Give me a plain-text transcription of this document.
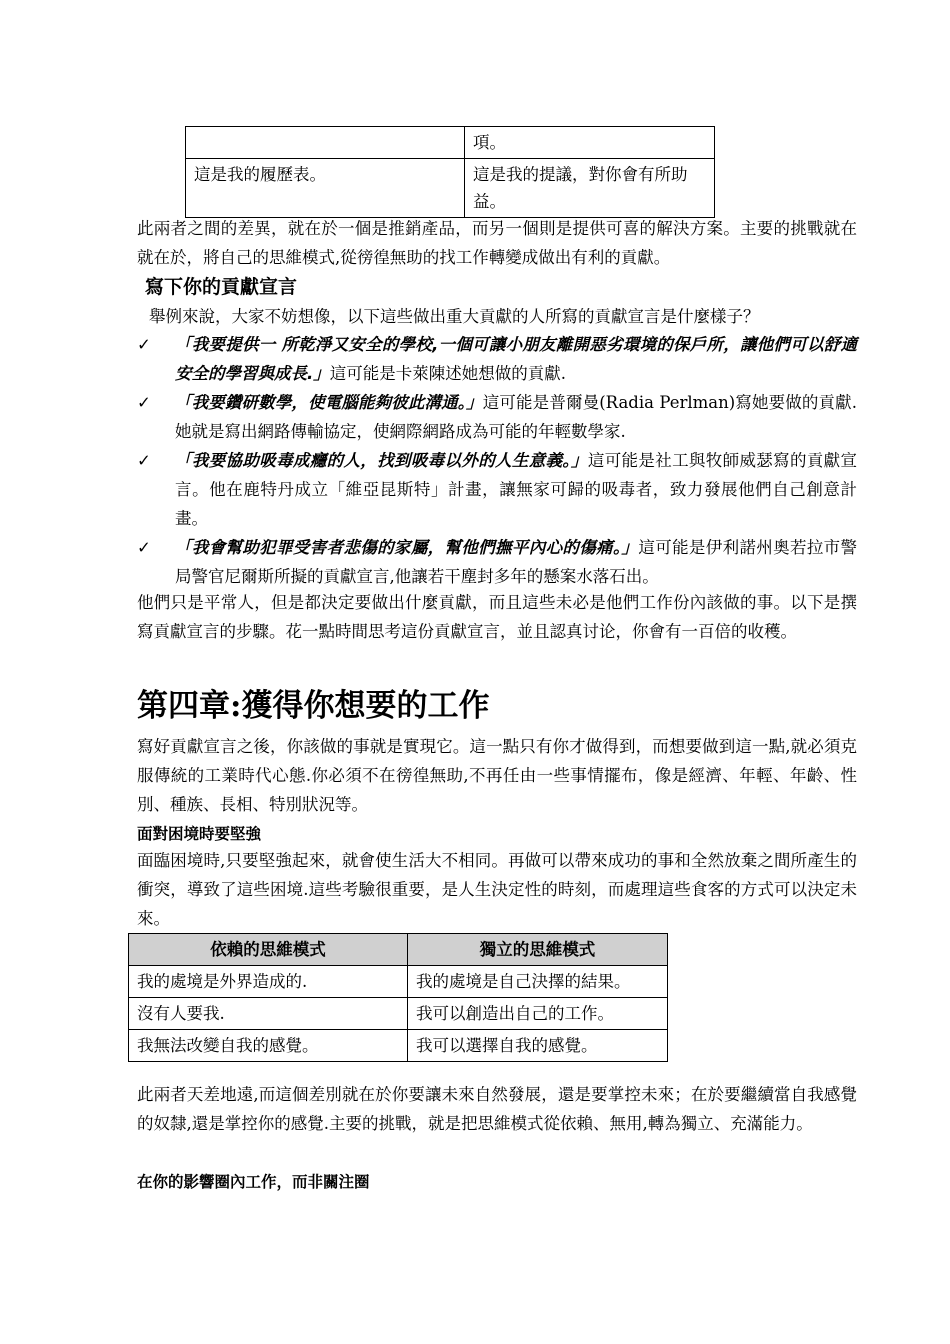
	項。
這是我的履歷表。	這是我的提議，對你會有所助益。

此兩者之間的差異，就在於一個是推銷產品，而另一個則是提供可喜的解決方案。主要的挑戰就在就在於，將自己的思維模式,從徬徨無助的找工作轉變成做出有利的貢獻。

寫下你的貢獻宣言

舉例來說，大家不妨想像，以下這些做出重大貢獻的人所寫的貢獻宣言是什麼樣子？

✓ 「我要提供一 所乾淨又安全的學校,一個可讓小朋友離開惡劣環境的保戶所，讓他們可以舒適安全的學習與成長.」這可能是卡萊陳述她想做的貢獻.
✓ 「我要鑽研數學，使電腦能夠彼此溝通。」這可能是普爾曼(Radia Perlman)寫她要做的貢獻.她就是寫出網路傳輸協定，使網際網路成為可能的年輕數學家.
✓ 「我要協助吸毒成癮的人，找到吸毒以外的人生意義。」這可能是社工與牧師威瑟寫的貢獻宣言。他在鹿特丹成立「維亞昆斯特」計畫，讓無家可歸的吸毒者，致力發展他們自己創意計畫。
✓ 「我會幫助犯罪受害者悲傷的家屬，幫他們撫平內心的傷痛。」這可能是伊利諾州奧若拉市警局警官尼爾斯所擬的貢獻宣言,他讓若干塵封多年的懸案水落石出。

他們只是平常人，但是都決定要做出什麼貢獻，而且這些未必是他們工作份內該做的事。以下是撰寫貢獻宣言的步驟。花一點時間思考這份貢獻宣言，並且認真讨论，你會有一百倍的收穫。

第四章:獲得你想要的工作

寫好貢獻宣言之後，你該做的事就是實現它。這一點只有你才做得到，而想要做到這一點,就必須克服傳統的工業時代心態.你必須不在徬徨無助,不再任由一些事情擺布，像是經濟、年輕、年齡、性別、種族、長相、特別狀況等。

面對困境時要堅強

面臨困境時,只要堅強起來，就會使生活大不相同。再做可以帶來成功的事和全然放棄之間所產生的衝突，導致了這些困境.這些考驗很重要，是人生決定性的時刻，而處理這些食客的方式可以決定未來。

依賴的思維模式	獨立的思維模式
我的處境是外界造成的.	我的處境是自己決擇的結果。
沒有人要我.	我可以創造出自己的工作。
我無法改變自我的感覺。	我可以選擇自我的感覺。

此兩者天差地遠,而這個差別就在於你要讓未來自然發展，還是要掌控未來；在於要繼續當自我感覺的奴隸,還是掌控你的感覺.主要的挑戰，就是把思維模式從依賴、無用,轉為獨立、充滿能力。

在你的影響圈內工作，而非關注圈
